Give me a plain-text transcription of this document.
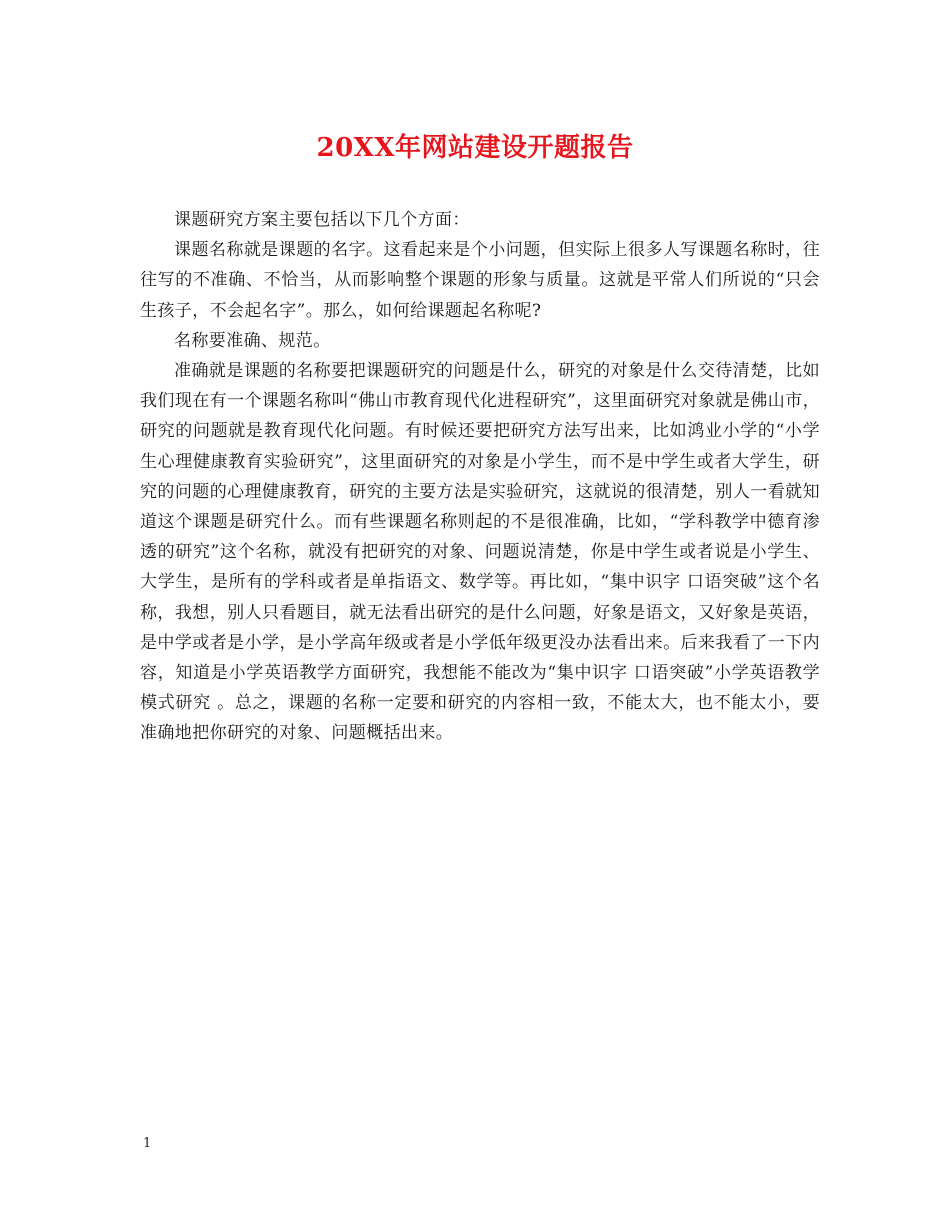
20XX年网站建设开题报告

课题研究方案主要包括以下几个方面：

课题名称就是课题的名字。这看起来是个小问题，但实际上很多人写课题名称时，往往写的不准确、不恰当，从而影响整个课题的形象与质量。这就是平常人们所说的“只会生孩子，不会起名字”。那么，如何给课题起名称呢?

名称要准确、规范。

准确就是课题的名称要把课题研究的问题是什么，研究的对象是什么交待清楚，比如我们现在有一个课题名称叫“佛山市教育现代化进程研究”，这里面研究对象就是佛山市，研究的问题就是教育现代化问题。有时候还要把研究方法写出来，比如鸿业小学的“小学生心理健康教育实验研究”，这里面研究的对象是小学生，而不是中学生或者大学生，研究的问题的心理健康教育，研究的主要方法是实验研究，这就说的很清楚，别人一看就知道这个课题是研究什么。而有些课题名称则起的不是很准确，比如，“学科教学中德育渗透的研究”这个名称，就没有把研究的对象、问题说清楚，你是中学生或者说是小学生、大学生，是所有的学科或者是单指语文、数学等。再比如，“集中识字 口语突破”这个名称，我想，别人只看题目，就无法看出研究的是什么问题，好象是语文，又好象是英语，是中学或者是小学，是小学高年级或者是小学低年级更没办法看出来。后来我看了一下内容，知道是小学英语教学方面研究，我想能不能改为“集中识字 口语突破”小学英语教学模式研究 。总之，课题的名称一定要和研究的内容相一致，不能太大，也不能太小，要准确地把你研究的对象、问题概括出来。

1
